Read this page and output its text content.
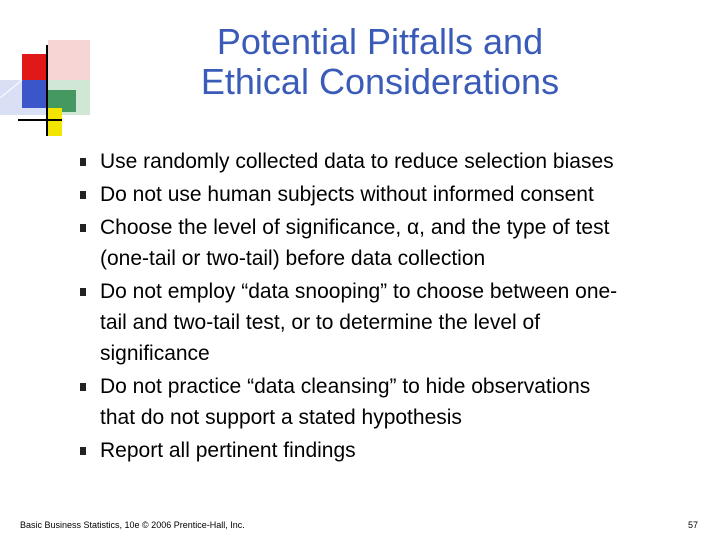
Potential Pitfalls and
Ethical Considerations
Use randomly collected data to reduce selection biases
Do not use human subjects without informed consent
Choose the level of significance, α, and the type of test
(one-tail or two-tail) before data collection
Do not employ “data snooping” to choose between one-
tail and two-tail test, or to determine the level of
significance
Do not practice “data cleansing” to hide observations
that do not support a stated hypothesis
Report all pertinent findings
Basic Business Statistics, 10e © 2006 Prentice-Hall, Inc.	57
